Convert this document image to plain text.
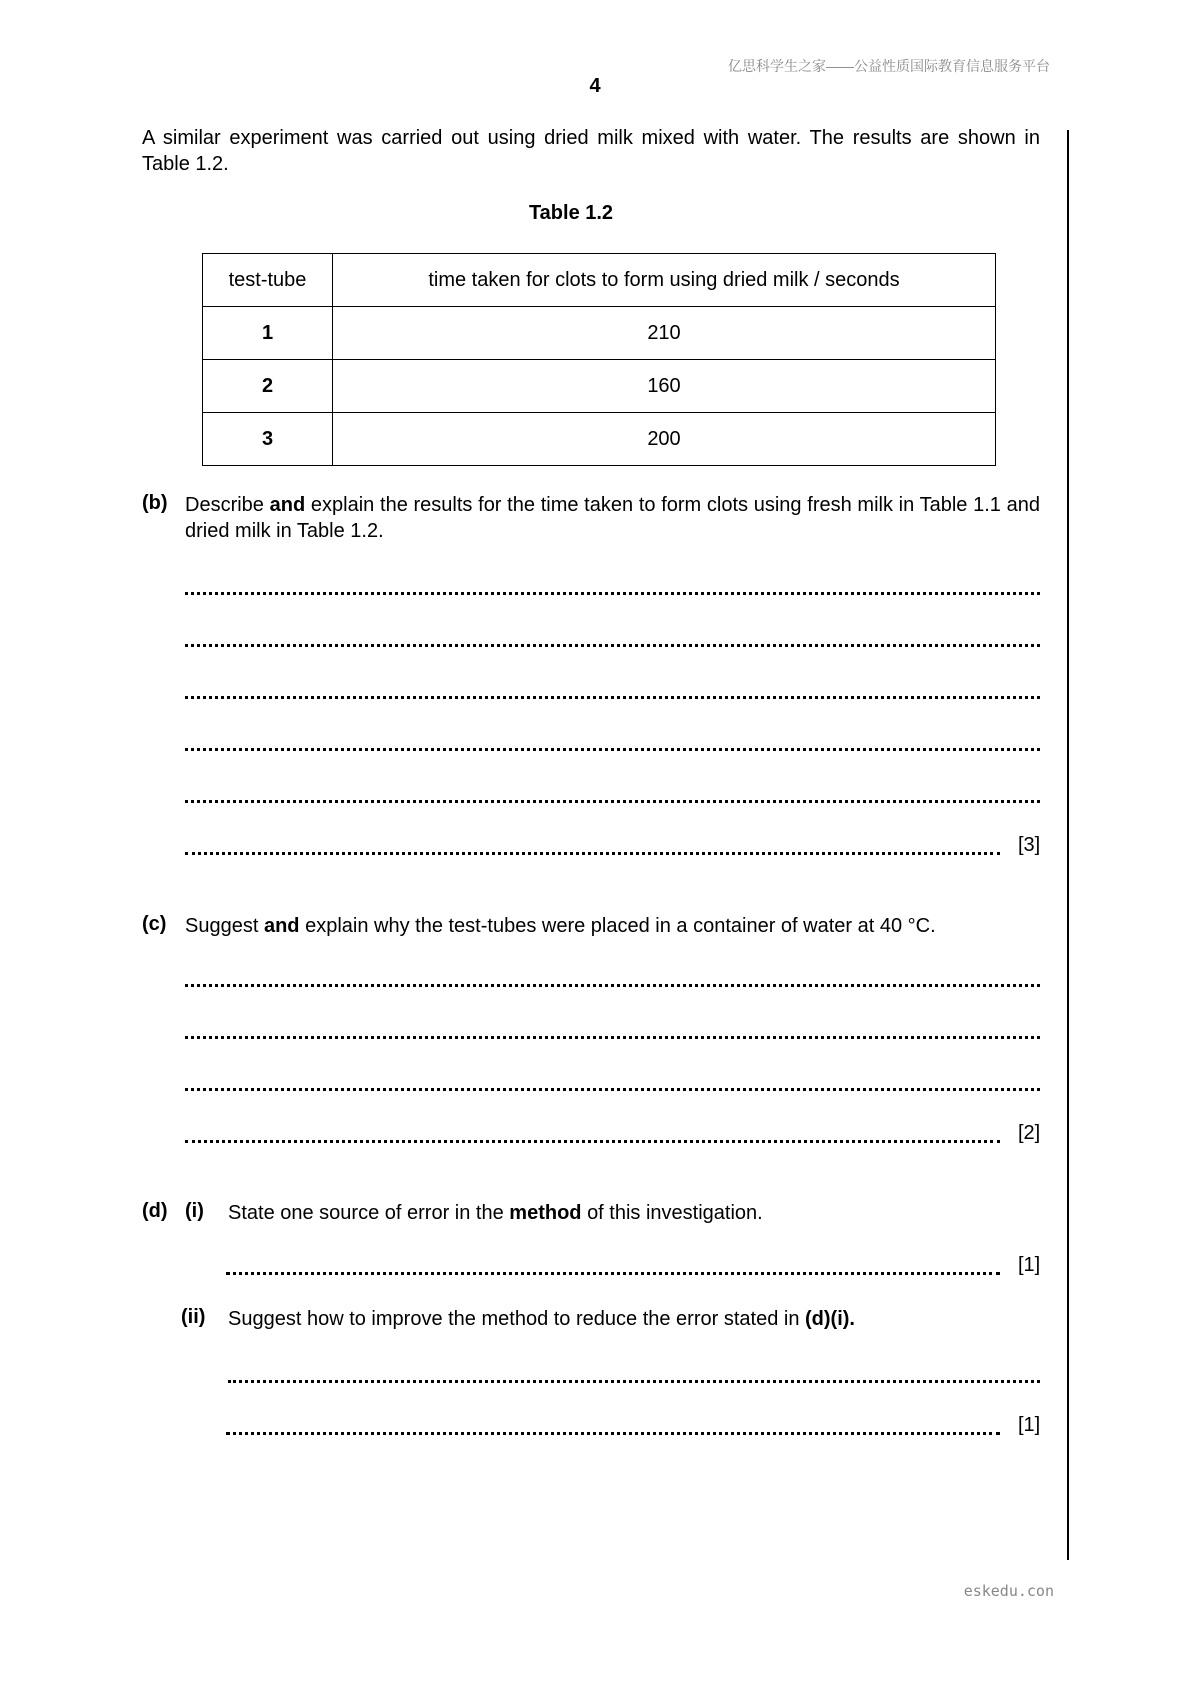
亿思科学生之家——公益性质国际教育信息服务平台
4
A similar experiment was carried out using dried milk mixed with water. The results are shown in Table 1.2.
Table 1.2
test-tube	time taken for clots to form using dried milk / seconds
1	210
2	160
3	200
(b) Describe and explain the results for the time taken to form clots using fresh milk in Table 1.1 and dried milk in Table 1.2.
[3]
(c) Suggest and explain why the test-tubes were placed in a container of water at 40 °C.
[2]
(d) (i) State one source of error in the method of this investigation.
[1]
(ii) Suggest how to improve the method to reduce the error stated in (d)(i).
[1]
eskedu.con
